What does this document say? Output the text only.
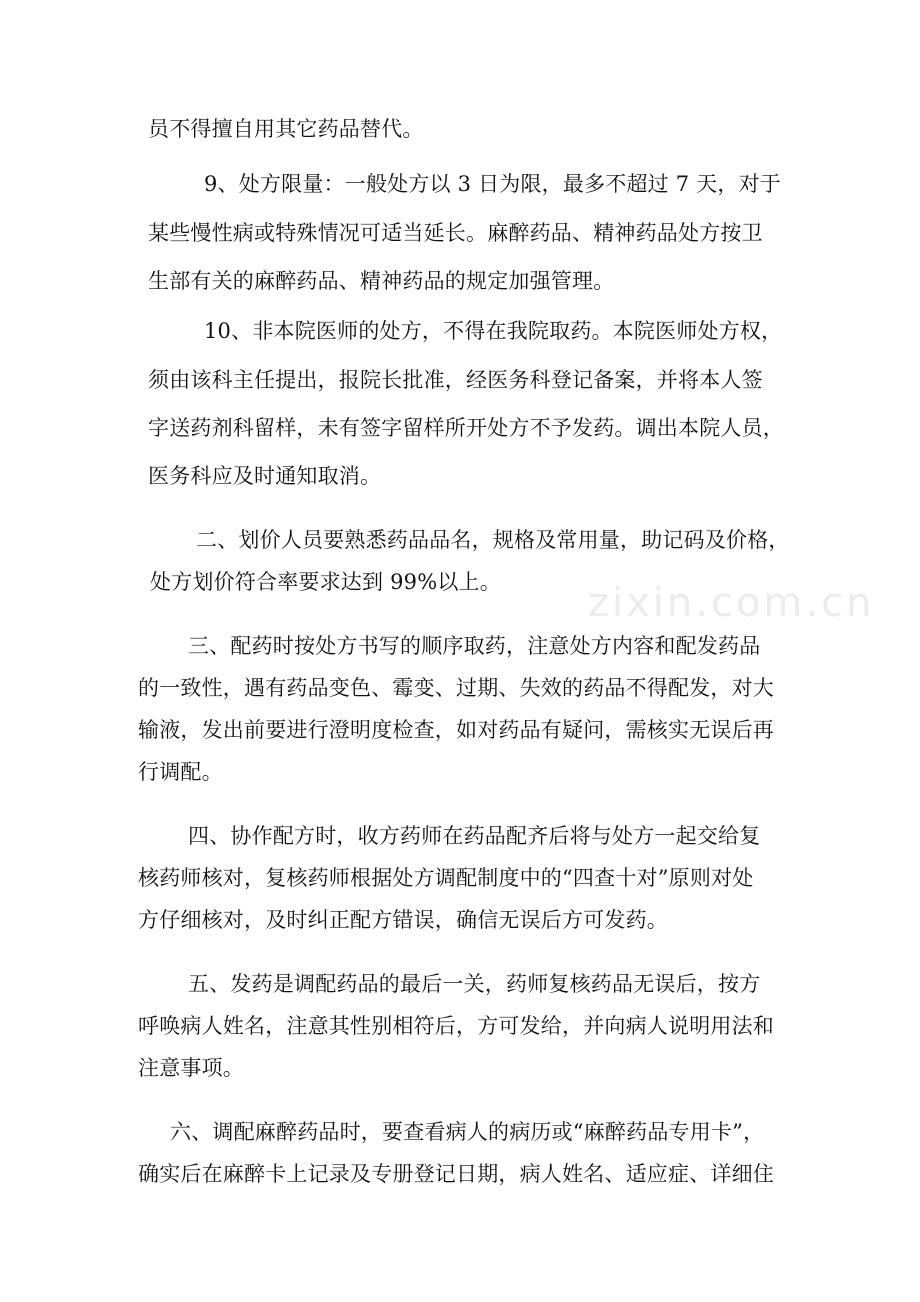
zixin.com.cn
员不得擅自用其它药品替代。
9、处方限量：一般处方以 3 日为限，最多不超过 7 天，对于
某些慢性病或特殊情况可适当延长。麻醉药品、精神药品处方按卫
生部有关的麻醉药品、精神药品的规定加强管理。
10、非本院医师的处方，不得在我院取药。本院医师处方权，
须由该科主任提出，报院长批准，经医务科登记备案，并将本人签
字送药剂科留样，未有签字留样所开处方不予发药。调出本院人员，
医务科应及时通知取消。
二、划价人员要熟悉药品品名，规格及常用量，助记码及价格，
处方划价符合率要求达到 99%以上。
三、配药时按处方书写的顺序取药，注意处方内容和配发药品
的一致性，遇有药品变色、霉变、过期、失效的药品不得配发，对大
输液，发出前要进行澄明度检查，如对药品有疑问，需核实无误后再
行调配。
四、协作配方时，收方药师在药品配齐后将与处方一起交给复
核药师核对，复核药师根据处方调配制度中的“四查十对”原则对处
方仔细核对，及时纠正配方错误，确信无误后方可发药。
五、发药是调配药品的最后一关，药师复核药品无误后，按方
呼唤病人姓名，注意其性别相符后，方可发给，并向病人说明用法和
注意事项。
六、调配麻醉药品时，要查看病人的病历或“麻醉药品专用卡”，
确实后在麻醉卡上记录及专册登记日期，病人姓名、适应症、详细住
